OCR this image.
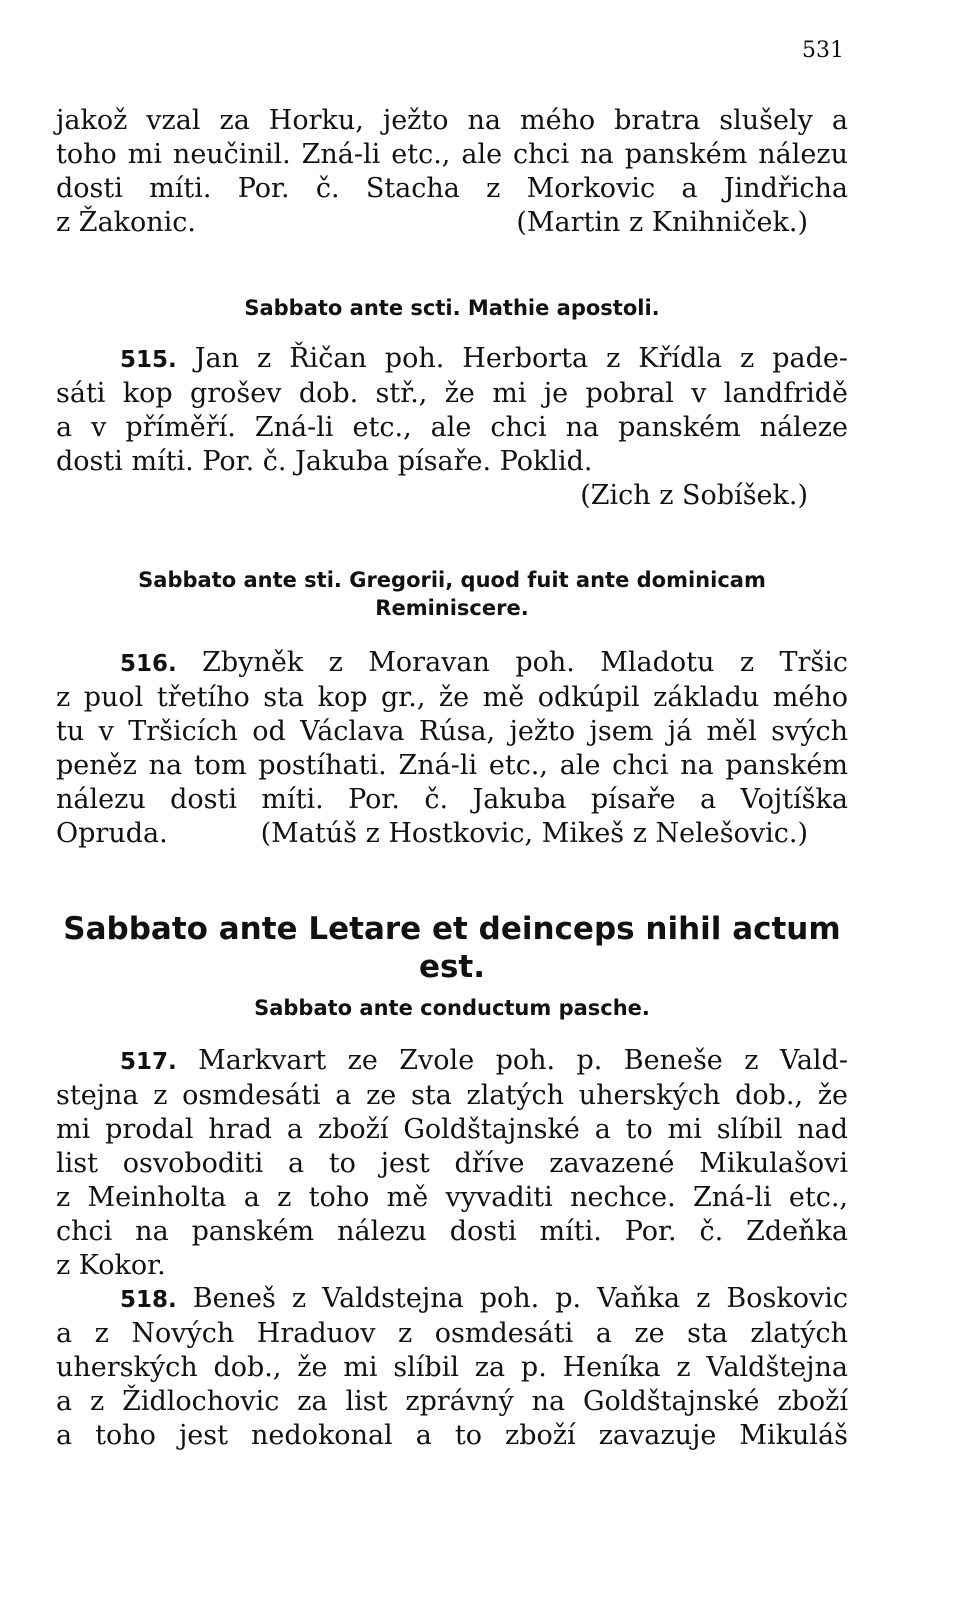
531
jakož vzal za Horku, ježto na mého bratra slušely a
toho mi neučinil. Zná-li etc., ale chci na panském nálezu
dosti míti. Por. č. Stacha z Morkovic a Jindřicha
z Žakonic.	(Martin z Knihniček.)
Sabbato ante scti. Mathie apostoli.
515. Jan z Řičan poh. Herborta z Křídla z pade-
sáti kop grošev dob. stř., že mi je pobral v landfridě
a v příměří. Zná-li etc., ale chci na panském náleze
dosti míti. Por. č. Jakuba písaře. Poklid.
(Zich z Sobíšek.)
Sabbato ante sti. Gregorii, quod fuit ante dominicam
Reminiscere.
516. Zbyněk z Moravan poh. Mladotu z Tršic
z puol třetího sta kop gr., že mě odkúpil základu mého
tu v Tršicích od Václava Rúsa, ježto jsem já měl svých
peněz na tom postíhati. Zná-li etc., ale chci na panském
nálezu dosti míti. Por. č. Jakuba písaře a Vojtíška
Opruda.	(Matúš z Hostkovic, Mikeš z Nelešovic.)
Sabbato ante Letare et deinceps nihil actum est.
Sabbato ante conductum pasche.
517. Markvart ze Zvole poh. p. Beneše z Vald-
stejna z osmdesáti a ze sta zlatých uherských dob., že
mi prodal hrad a zboží Goldštajnské a to mi slíbil nad
list osvoboditi a to jest dříve zavazené Mikulašovi
z Meinholta a z toho mě vyvaditi nechce. Zná-li etc.,
chci na panském nálezu dosti míti. Por. č. Zdeňka
z Kokor.
518. Beneš z Valdstejna poh. p. Vaňka z Boskovic
a z Nových Hraduov z osmdesáti a ze sta zlatých
uherských dob., že mi slíbil za p. Heníka z Valdštejna
a z Židlochovic za list zprávný na Goldštajnské zboží
a toho jest nedokonal a to zboží zavazuje Mikuláš
